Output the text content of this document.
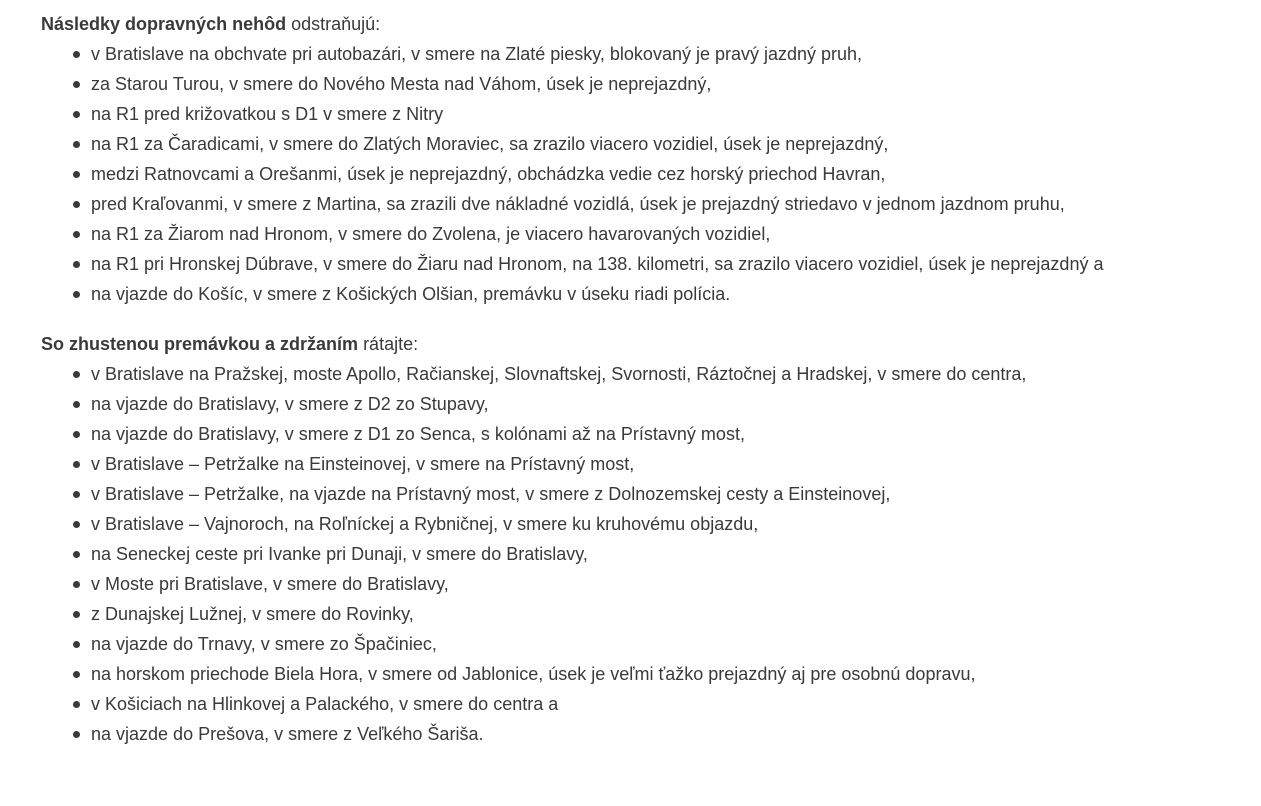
Následky dopravných nehôd odstraňujú:

v Bratislave na obchvate pri autobazári, v smere na Zlaté piesky, blokovaný je pravý jazdný pruh,
za Starou Turou, v smere do Nového Mesta nad Váhom, úsek je neprejazdný,
na R1 pred križovatkou s D1 v smere z Nitry
na R1 za Čaradicami, v smere do Zlatých Moraviec, sa zrazilo viacero vozidiel, úsek je neprejazdný,
medzi Ratnovcami a Orešanmi, úsek je neprejazdný, obchádzka vedie cez horský priechod Havran,
pred Kraľovanmi, v smere z Martina, sa zrazili dve nákladné vozidlá, úsek je prejazdný striedavo v jednom jazdnom pruhu,
na R1 za Žiarom nad Hronom, v smere do Zvolena, je viacero havarovaných vozidiel,
na R1 pri Hronskej Dúbrave, v smere do Žiaru nad Hronom, na 138. kilometri, sa zrazilo viacero vozidiel, úsek je neprejazdný a
na vjazde do Košíc, v smere z Košických Olšian, premávku v úseku riadi polícia.

So zhustenou premávkou a zdržaním rátajte:

v Bratislave na Pražskej, moste Apollo, Račianskej, Slovnaftskej, Svornosti, Ráztočnej a Hradskej, v smere do centra,
na vjazde do Bratislavy, v smere z D2 zo Stupavy,
na vjazde do Bratislavy, v smere z D1 zo Senca, s kolónami až na Prístavný most,
v Bratislave – Petržalke na Einsteinovej, v smere na Prístavný most,
v Bratislave – Petržalke, na vjazde na Prístavný most, v smere z Dolnozemskej cesty a Einsteinovej,
v Bratislave – Vajnoroch, na Roľníckej a Rybničnej, v smere ku kruhovému objazdu,
na Seneckej ceste pri Ivanke pri Dunaji, v smere do Bratislavy,
v Moste pri Bratislave, v smere do Bratislavy,
z Dunajskej Lužnej, v smere do Rovinky,
na vjazde do Trnavy, v smere zo Špačiniec,
na horskom priechode Biela Hora, v smere od Jablonice, úsek je veľmi ťažko prejazdný aj pre osobnú dopravu,
v Košiciach na Hlinkovej a Palackého, v smere do centra a
na vjazde do Prešova, v smere z Veľkého Šariša.
